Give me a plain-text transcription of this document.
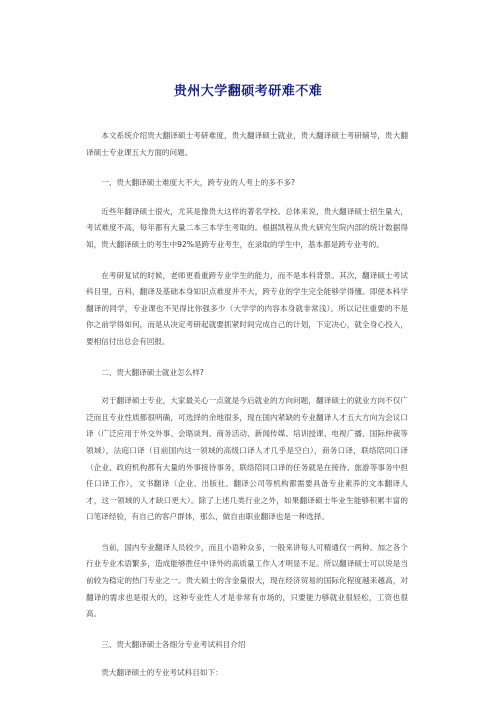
贵州大学翻硕考研难不难

本文系统介绍贵大翻译硕士考研难度，贵大翻译硕士就业，贵大翻译硕士考研辅导，贵大翻译硕士专业课五大方面的问题。

一、贵大翻译硕士难度大不大，跨专业的人考上的多不多?

近些年翻译硕士很火，尤其是像贵大这样的著名学校。总体来说，贵大翻译硕士招生量大，考试难度不高，每年都有大量二本三本学生考取的。根据凯程从贵大研究生院内部的统计数据得知，贵大翻译硕士的考生中92%是跨专业考生，在录取的学生中，基本都是跨专业考的。

在考研复试的时候，老师更看重跨专业学生的能力，而不是本科背景。其次，翻译硕士考试科目里，百科，翻译及基础本身知识点难度并不大，跨专业的学生完全能够学得懂。即使本科学翻译的同学，专业课也不见得比你强多少（大学学的内容本身就非常浅）。所以记住重要的不是你之前学得如何，而是从决定考研起就要抓紧时间完成自己的计划，下定决心，就全身心投入，要相信付出总会有回报。

二、贵大翻译硕士就业怎么样?

对于翻译硕士专业，大家最关心一点就是今后就业的方向问题，翻译硕士的就业方向不仅广泛而且专业性质都很明确，可选择的余地很多，现在国内紧缺的专业翻译人才五大方向为会议口译（广泛应用于外交外事、会晤谈判、商务活动、新闻传媒、培训授课、电视广播、国际仲裁等领域），法庭口译（目前国内这一领域的高级口译人才几乎是空白），商务口译，联络陪同口译（企业、政府机构都有大量的外事接待事务，联络陪同口译的任务就是在接待、旅游等事务中担任口译工作），文书翻译（企业、出版社、翻译公司等机构都需要具备专业素养的文本翻译人才，这一领域的人才缺口更大）。除了上述几类行业之外，如果翻译硕士毕业生能够积累丰富的口笔译经验，有自己的客户群体，那么，做自由职业翻译也是一种选择。

当前，国内专业翻译人员较少，而且小语种众多，一般来讲每人可精通仅一两种。加之各个行业专业术语繁多，造成能够胜任中译外的高质量工作人才明显不足。所以翻译硕士可以说是当前较为稳定的热门专业之一。贵大硕士的含金量很大，现在经济贸易的国际化程度越来越高，对翻译的需求也是很大的，这种专业性人才是非常有市场的，只要能力够就业很轻松，工资也很高。

三、贵大翻译硕士各细分专业考试科目介绍

贵大翻译硕士的专业考试科目如下：
